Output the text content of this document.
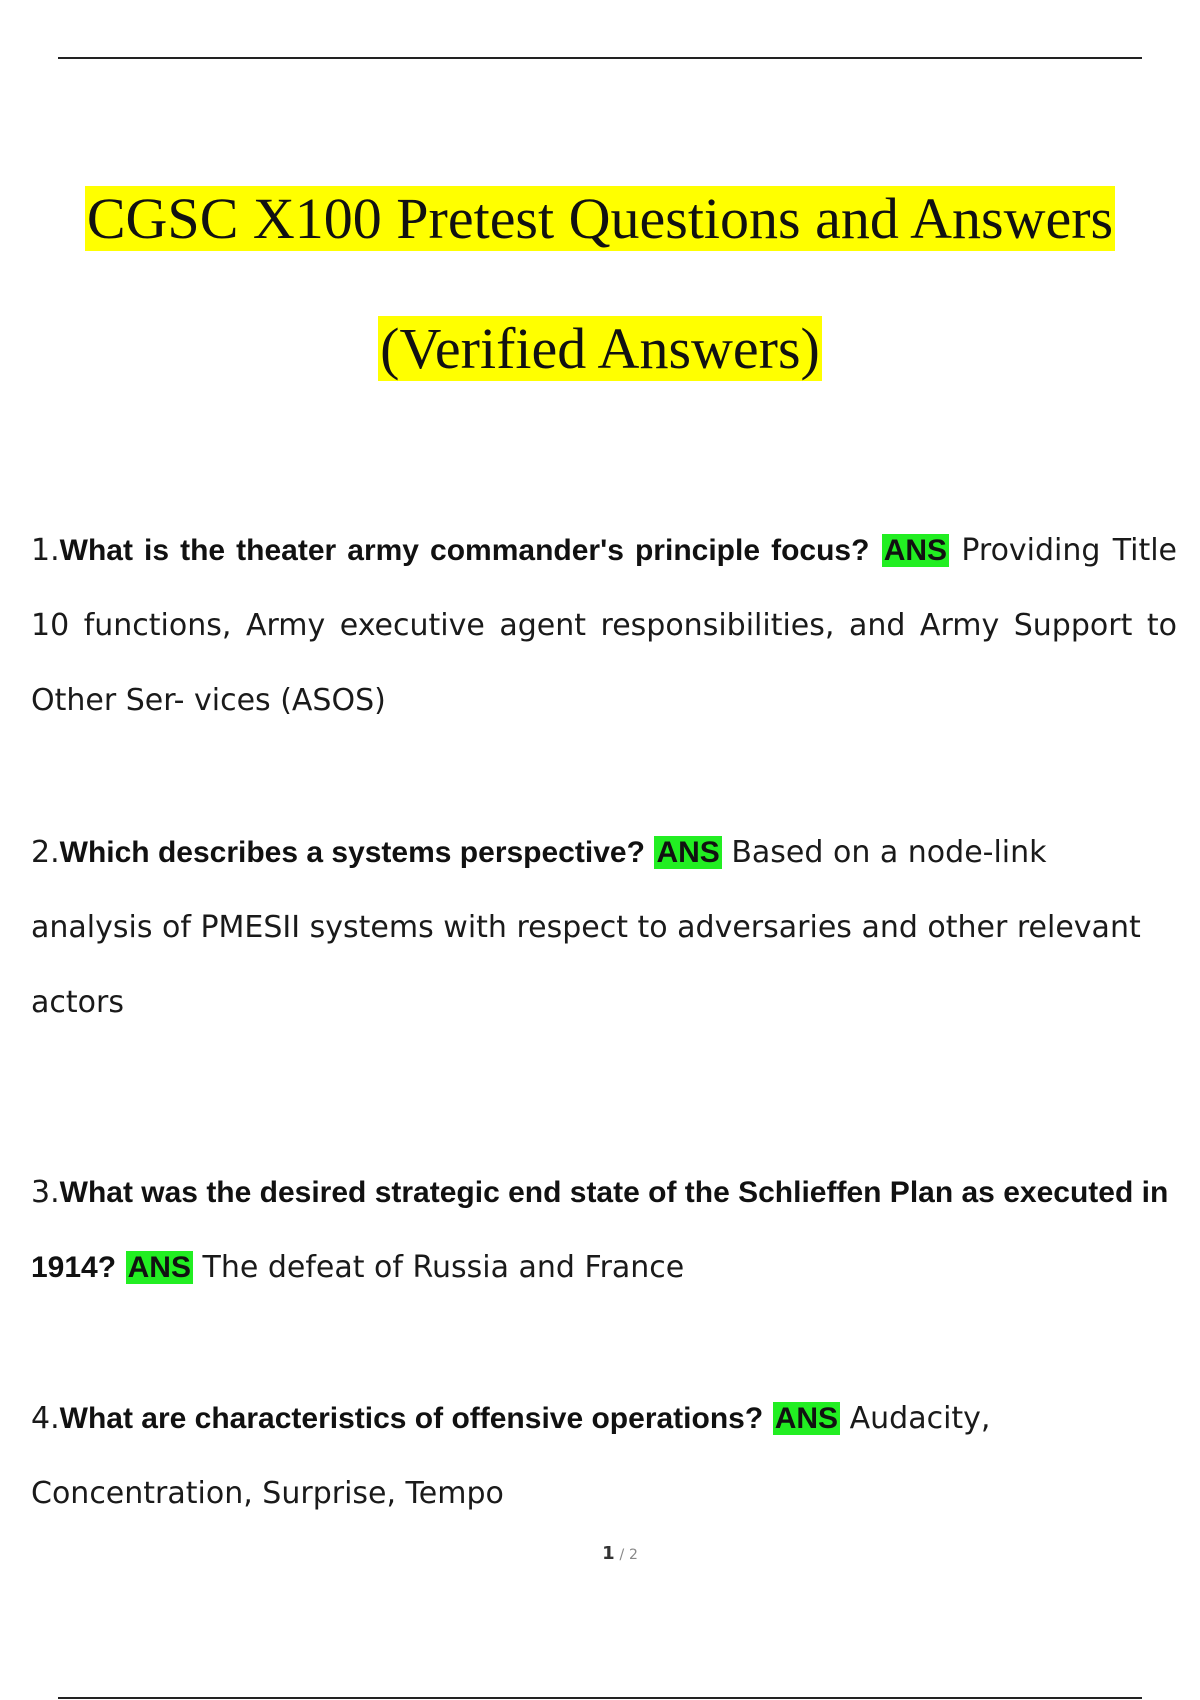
CGSC X100 Pretest Questions and Answers
(Verified Answers)
1.What is the theater army commander's principle focus? ANS Providing Title 10 functions, Army executive agent responsibilities, and Army Support to Other Ser- vices (ASOS)
2.Which describes a systems perspective? ANS Based on a node-link analysis of PMESII systems with respect to adversaries and other relevant actors
3.What was the desired strategic end state of the Schlieffen Plan as executed in 1914? ANS The defeat of Russia and France
4.What are characteristics of offensive operations? ANS Audacity, Concentration, Surprise, Tempo
1 / 2
